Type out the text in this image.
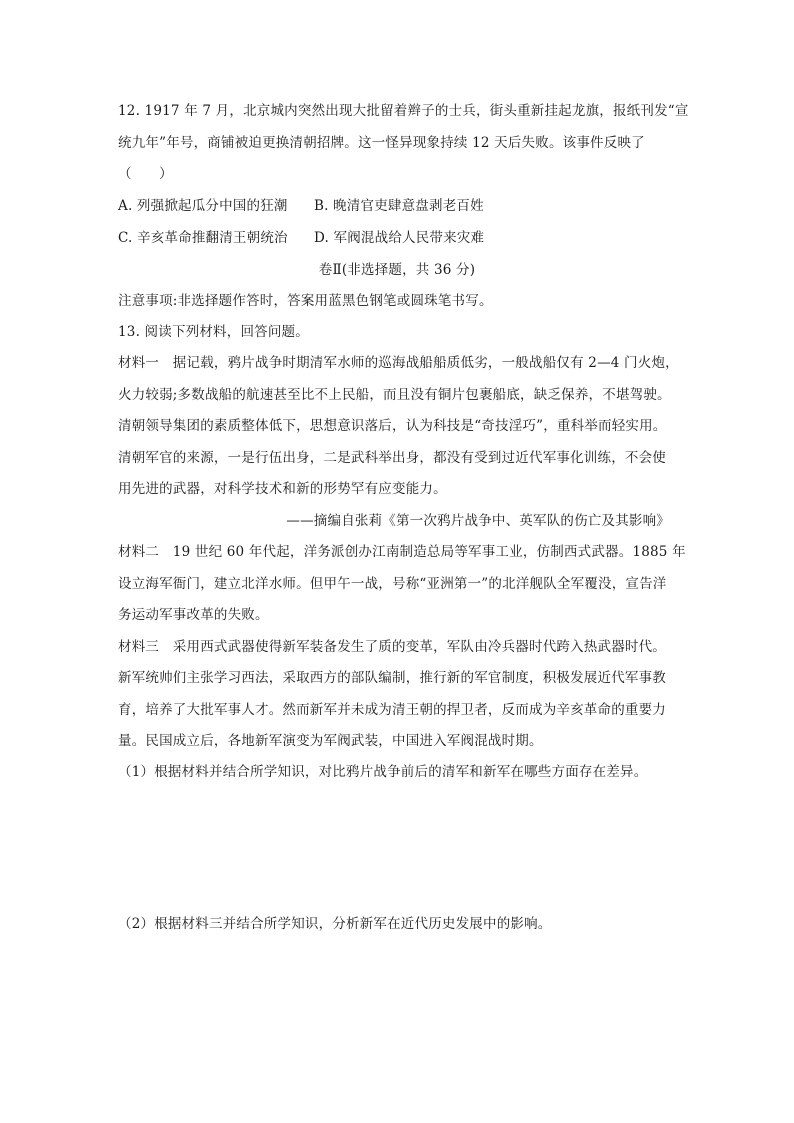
12. 1917 年 7 月，北京城内突然出现大批留着辫子的士兵，街头重新挂起龙旗，报纸刊发“宣
统九年”年号，商铺被迫更换清朝招牌。这一怪异现象持续 12 天后失败。该事件反映了
（　　）
A. 列强掀起瓜分中国的狂潮 B. 晚清官吏肆意盘剥老百姓
C. 辛亥革命推翻清王朝统治 D. 军阀混战给人民带来灾难
卷Ⅱ(非选择题，共 36 分)
注意事项:非选择题作答时，答案用蓝黑色钢笔或圆珠笔书写。
13. 阅读下列材料，回答问题。
材料一　据记载，鸦片战争时期清军水师的巡海战船船质低劣，一般战船仅有 2—4 门火炮，
火力较弱;多数战船的航速甚至比不上民船，而且没有铜片包裹船底，缺乏保养，不堪驾驶。
清朝领导集团的素质整体低下，思想意识落后，认为科技是“奇技淫巧”，重科举而轻实用。
清朝军官的来源，一是行伍出身，二是武科举出身，都没有受到过近代军事化训练，不会使
用先进的武器，对科学技术和新的形势罕有应变能力。
——摘编自张莉《第一次鸦片战争中、英军队的伤亡及其影响》
材料二　19 世纪 60 年代起，洋务派创办江南制造总局等军事工业，仿制西式武器。1885 年
设立海军衙门，建立北洋水师。但甲午一战，号称“亚洲第一”的北洋舰队全军覆没，宣告洋
务运动军事改革的失败。
材料三　采用西式武器使得新军装备发生了质的变革，军队由冷兵器时代跨入热武器时代。
新军统帅们主张学习西法，采取西方的部队编制，推行新的军官制度，积极发展近代军事教
育，培养了大批军事人才。然而新军并未成为清王朝的捍卫者，反而成为辛亥革命的重要力
量。民国成立后，各地新军演变为军阀武装，中国进入军阀混战时期。
（1）根据材料并结合所学知识，对比鸦片战争前后的清军和新军在哪些方面存在差异。
（2）根据材料三并结合所学知识，分析新军在近代历史发展中的影响。
